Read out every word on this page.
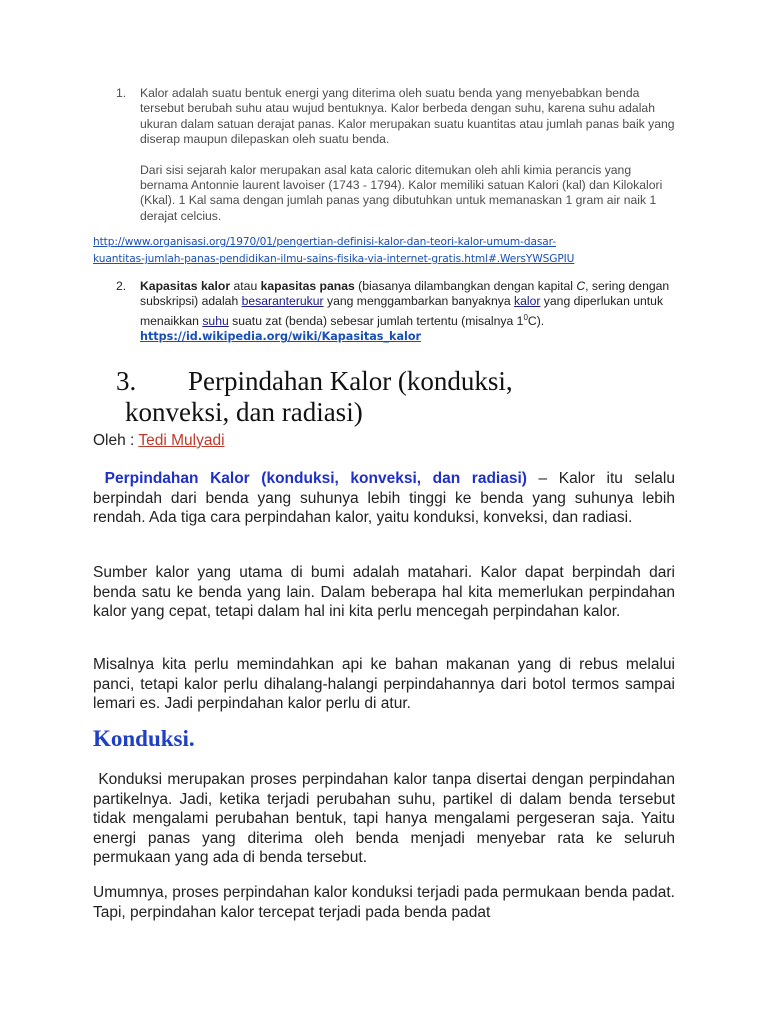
1. Kalor adalah suatu bentuk energi yang diterima oleh suatu benda yang menyebabkan benda tersebut berubah suhu atau wujud bentuknya. Kalor berbeda dengan suhu, karena suhu adalah ukuran dalam satuan derajat panas. Kalor merupakan suatu kuantitas atau jumlah panas baik yang diserap maupun dilepaskan oleh suatu benda.

Dari sisi sejarah kalor merupakan asal kata caloric ditemukan oleh ahli kimia perancis yang bernama Antonnie laurent lavoiser (1743 - 1794). Kalor memiliki satuan Kalori (kal) dan Kilokalori (Kkal). 1 Kal sama dengan jumlah panas yang dibutuhkan untuk memanaskan 1 gram air naik 1 derajat celcius.

http://www.organisasi.org/1970/01/pengertian-definisi-kalor-dan-teori-kalor-umum-dasar-
kuantitas-jumlah-panas-pendidikan-ilmu-sains-fisika-via-internet-gratis.html#.WersYWSGPIU
2. Kapasitas kalor atau kapasitas panas (biasanya dilambangkan dengan kapital C, sering dengan subskripsi) adalah besaranterukur yang menggambarkan banyaknya kalor yang diperlukan untuk menaikkan suhu suatu zat (benda) sebesar jumlah tertentu (misalnya $1^0C$).
https://id.wikipedia.org/wiki/Kapasitas_kalor
3. Perpindahan Kalor (konduksi,
konveksi, dan radiasi)
Oleh : Tedi Mulyadi

Perpindahan Kalor (konduksi, konveksi, dan radiasi) – Kalor itu selalu berpindah dari benda yang suhunya lebih tinggi ke benda yang suhunya lebih rendah. Ada tiga cara perpindahan kalor, yaitu konduksi, konveksi, dan radiasi.

Sumber kalor yang utama di bumi adalah matahari. Kalor dapat berpindah dari benda satu ke benda yang lain. Dalam beberapa hal kita memerlukan perpindahan kalor yang cepat, tetapi dalam hal ini kita perlu mencegah perpindahan kalor.

Misalnya kita perlu memindahkan api ke bahan makanan yang di rebus melalui panci, tetapi kalor perlu dihalang-halangi perpindahannya dari botol termos sampai lemari es. Jadi perpindahan kalor perlu di atur.

Konduksi.

Konduksi merupakan proses perpindahan kalor tanpa disertai dengan perpindahan partikelnya. Jadi, ketika terjadi perubahan suhu, partikel di dalam benda tersebut tidak mengalami perubahan bentuk, tapi hanya mengalami pergeseran saja. Yaitu energi panas yang diterima oleh benda menjadi menyebar rata ke seluruh permukaan yang ada di benda tersebut.

Umumnya, proses perpindahan kalor konduksi terjadi pada permukaan benda padat. Tapi, perpindahan kalor tercepat terjadi pada benda padat
